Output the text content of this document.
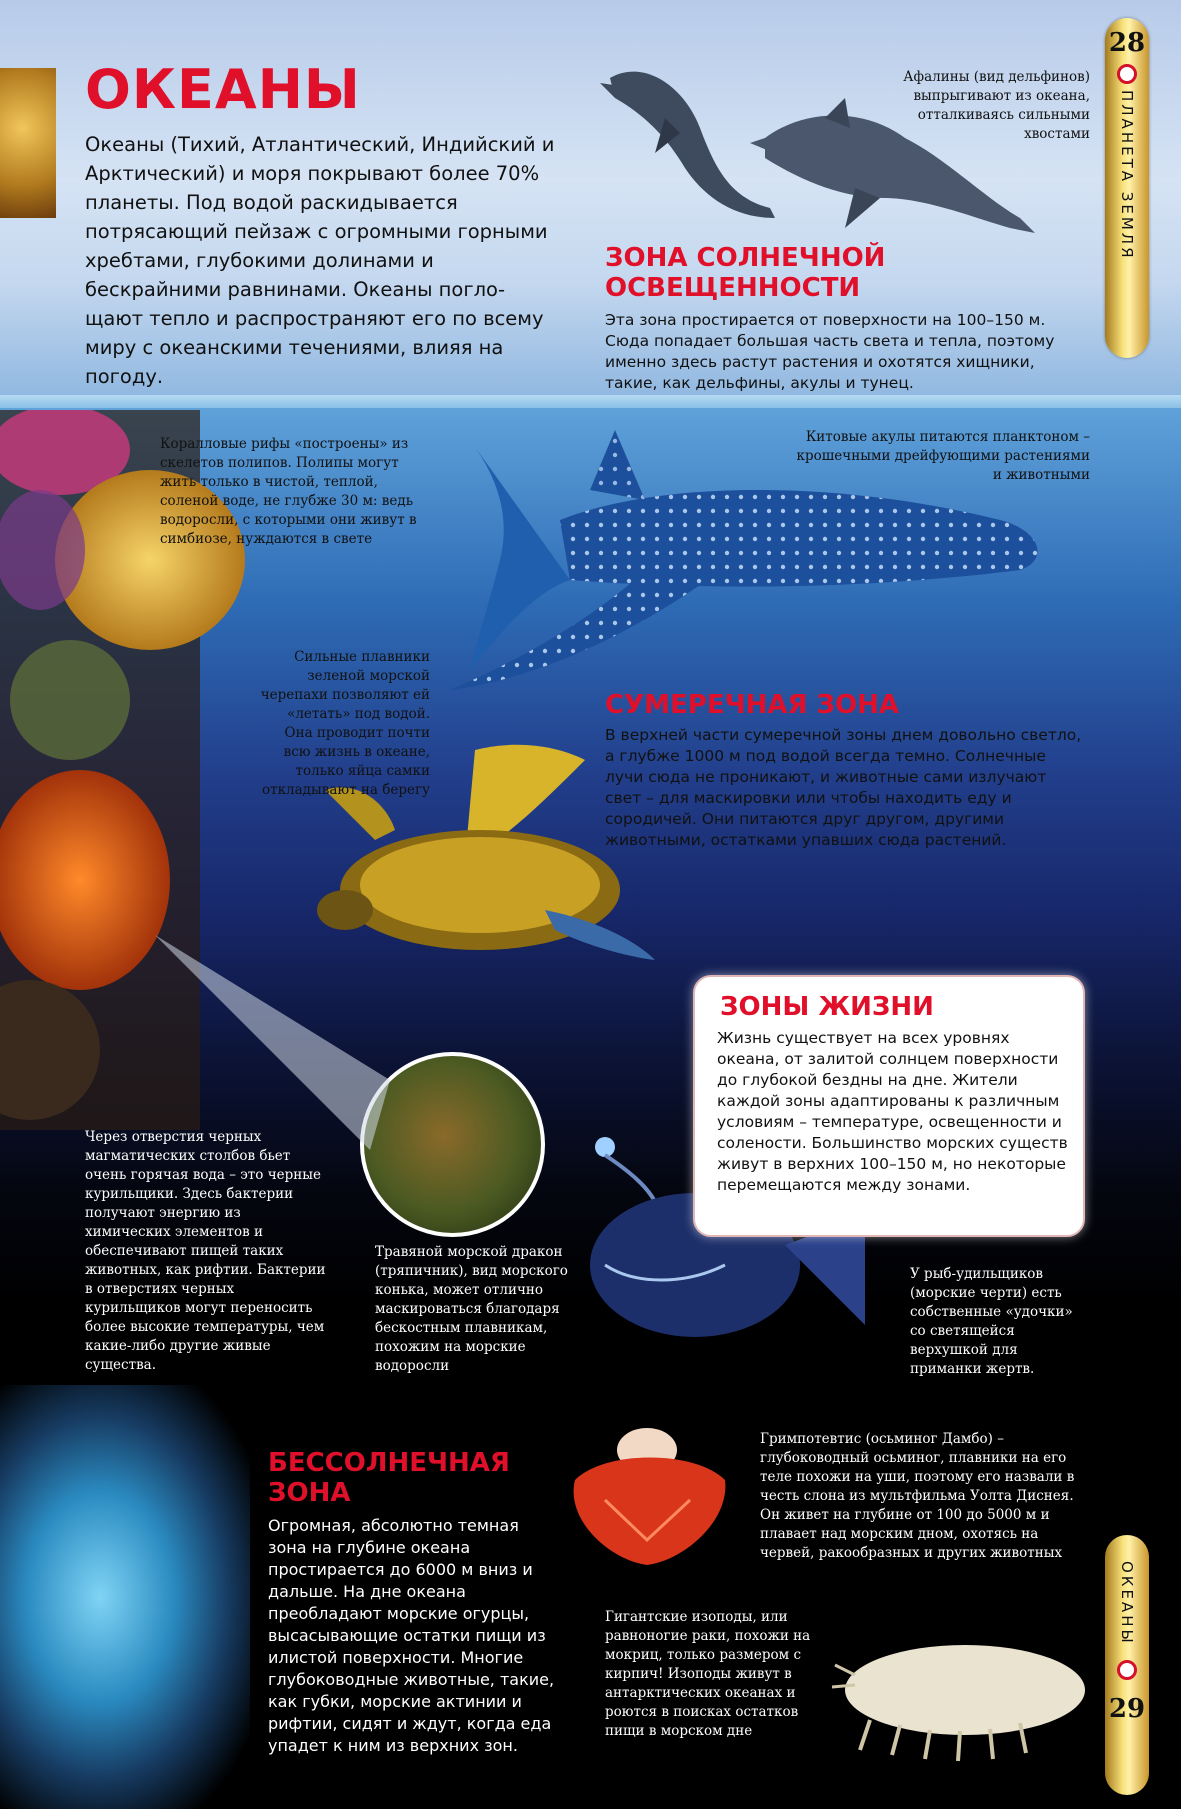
ОКЕАНЫ
Океаны (Тихий, Атлантический, Индийский и Арктический) и моря покрывают более 70% планеты. Под водой раскидывается потрясающий пейзаж с огромными горными хребтами, глубокими долинами и бескрайними равнинами. Океаны поглощают тепло и распространяют его по всему миру с океанскими течениями, влияя на погоду.
Афалины (вид дельфинов) выпрыгивают из океана, отталкиваясь сильными хвостами
ЗОНА СОЛНЕЧНОЙ
ОСВЕЩЕННОСТИ
Эта зона простирается от поверхности на 100–150 м. Сюда попадает большая часть света и тепла, поэтому именно здесь растут растения и охотятся хищники, такие, как дельфины, акулы и тунец.
Китовые акулы питаются планктоном – крошечными дрейфующими растениями и животными
Коралловые рифы «построены» из скелетов полипов. Полипы могут жить только в чистой, теплой, соленой воде, не глубже 30 м: ведь водоросли, с которыми они живут в симбиозе, нуждаются в свете
Сильные плавники зеленой морской черепахи позволяют ей «летать» под водой. Она проводит почти всю жизнь в океане, только яйца самки откладывают на берегу
СУМЕРЕЧНАЯ ЗОНА
В верхней части сумеречной зоны днем довольно светло, а глубже 1000 м под водой всегда темно. Солнечные лучи сюда не проникают, и животные сами излучают свет – для маскировки или чтобы находить еду и сородичей. Они питаются друг другом, другими животными, остатками упавших сюда растений.
ЗОНЫ ЖИЗНИ
Жизнь существует на всех уровнях океана, от залитой солнцем поверхности до глубокой бездны на дне. Жители каждой зоны адаптированы к различным условиям – температуре, освещенности и солености. Большинство морских существ живут в верхних 100–150 м, но некоторые перемещаются между зонами.
Через отверстия черных магматических столбов бьет очень горячая вода – это черные курильщики. Здесь бактерии получают энергию из химических элементов и обеспечивают пищей таких животных, как рифтии. Бактерии в отверстиях черных курильщиков могут переносить более высокие температуры, чем какие-либо другие живые существа.
Травяной морской дракон (тряпичник), вид морского конька, может отлично маскироваться благодаря бескостным плавникам, похожим на морские водоросли
У рыб-удильщиков (морские черти) есть собственные «удочки» со светящейся верхушкой для приманки жертв.
БЕССОЛНЕЧНАЯ
ЗОНА
Огромная, абсолютно темная зона на глубине океана простирается до 6000 м вниз и дальше. На дне океана преобладают морские огурцы, высасывающие остатки пищи из илистой поверхности. Многие глубоководные животные, такие, как губки, морские актинии и рифтии, сидят и ждут, когда еда упадет к ним из верхних зон.
Гримпотевтис (осьминог Дамбо) – глубоководный осьминог, плавники на его теле похожи на уши, поэтому его назвали в честь слона из мультфильма Уолта Диснея. Он живет на глубине от 100 до 5000 м и плавает над морским дном, охотясь на червей, ракообразных и других животных
Гигантские изоподы, или равноногие раки, похожи на мокриц, только размером с кирпич! Изоподы живут в антарктических океанах и роются в поисках остатков пищи в морском дне
28
ПЛАНЕТА ЗЕМЛЯ
ОКЕАНЫ
29
